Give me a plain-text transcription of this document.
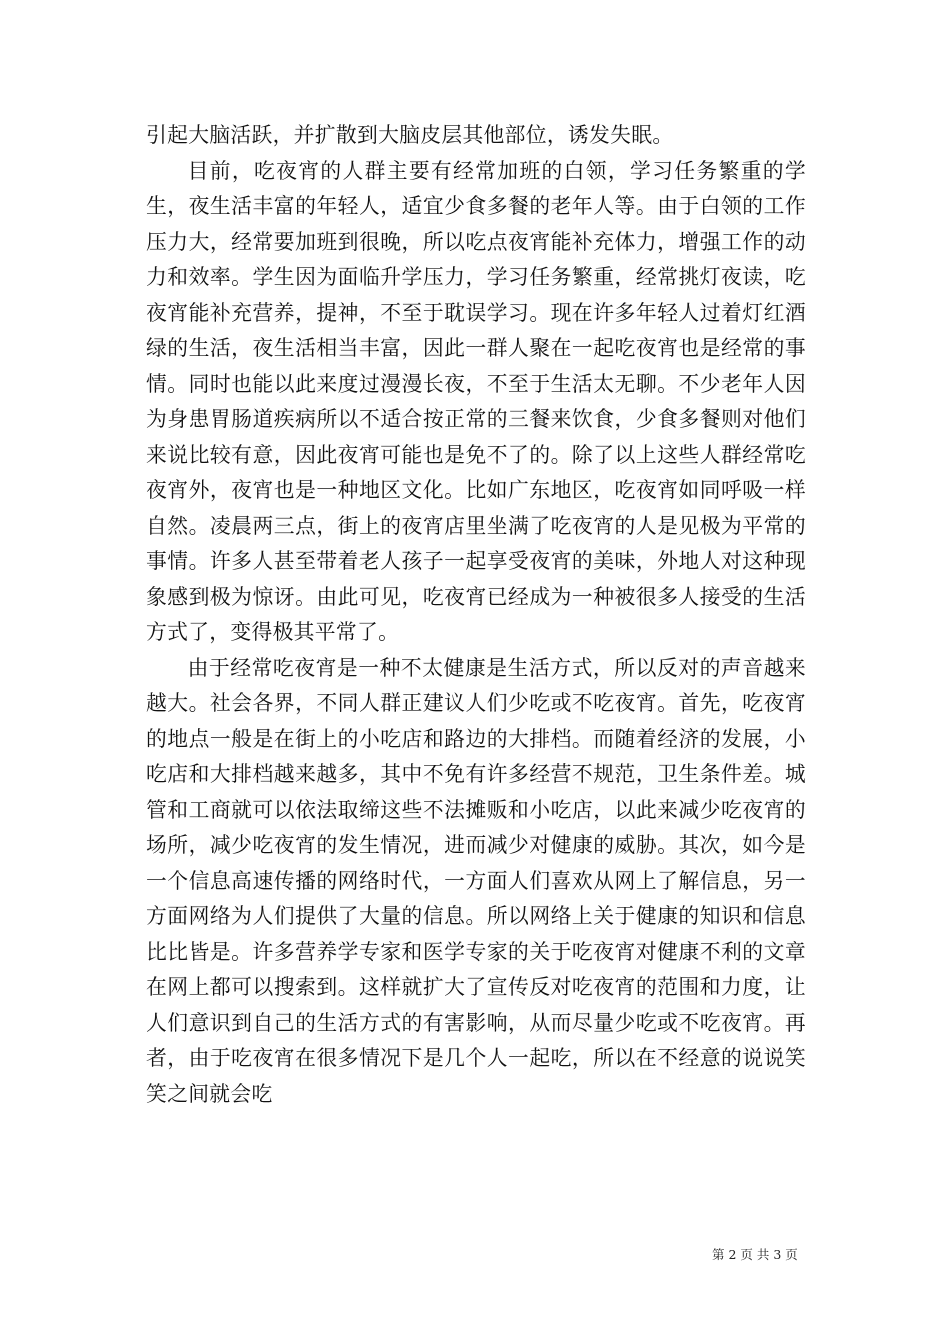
引起大脑活跃，并扩散到大脑皮层其他部位，诱发失眠。

目前，吃夜宵的人群主要有经常加班的白领，学习任务繁重的学生，夜生活丰富的年轻人，适宜少食多餐的老年人等。由于白领的工作压力大，经常要加班到很晚，所以吃点夜宵能补充体力，增强工作的动力和效率。学生因为面临升学压力，学习任务繁重，经常挑灯夜读，吃夜宵能补充营养，提神，不至于耽误学习。现在许多年轻人过着灯红酒绿的生活，夜生活相当丰富，因此一群人聚在一起吃夜宵也是经常的事情。同时也能以此来度过漫漫长夜，不至于生活太无聊。不少老年人因为身患胃肠道疾病所以不适合按正常的三餐来饮食，少食多餐则对他们来说比较有意，因此夜宵可能也是免不了的。除了以上这些人群经常吃夜宵外，夜宵也是一种地区文化。比如广东地区，吃夜宵如同呼吸一样自然。凌晨两三点，街上的夜宵店里坐满了吃夜宵的人是见极为平常的事情。许多人甚至带着老人孩子一起享受夜宵的美味，外地人对这种现象感到极为惊讶。由此可见，吃夜宵已经成为一种被很多人接受的生活方式了，变得极其平常了。

由于经常吃夜宵是一种不太健康是生活方式，所以反对的声音越来越大。社会各界，不同人群正建议人们少吃或不吃夜宵。首先，吃夜宵的地点一般是在街上的小吃店和路边的大排档。而随着经济的发展，小吃店和大排档越来越多，其中不免有许多经营不规范，卫生条件差。城管和工商就可以依法取缔这些不法摊贩和小吃店，以此来减少吃夜宵的场所，减少吃夜宵的发生情况，进而减少对健康的威胁。其次，如今是一个信息高速传播的网络时代，一方面人们喜欢从网上了解信息，另一方面网络为人们提供了大量的信息。所以网络上关于健康的知识和信息比比皆是。许多营养学专家和医学专家的关于吃夜宵对健康不利的文章在网上都可以搜索到。这样就扩大了宣传反对吃夜宵的范围和力度，让人们意识到自己的生活方式的有害影响，从而尽量少吃或不吃夜宵。再者，由于吃夜宵在很多情况下是几个人一起吃，所以在不经意的说说笑笑之间就会吃

第 2 页 共 3 页
